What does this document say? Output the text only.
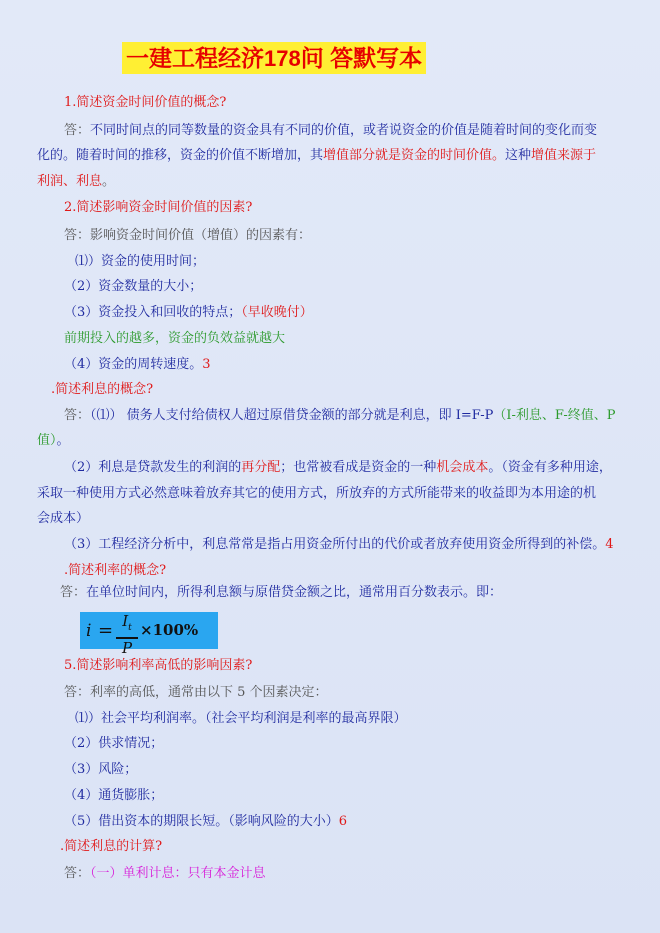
一建工程经济178问 答默写本
1.简述资金时间价值的概念?
答：不同时间点的同等数量的资金具有不同的价值，或者说资金的价值是随着时间的变化而变
化的。随着时间的推移，资金的价值不断增加，其增值部分就是资金的时间价值。这种增值来源于
利润、利息。
2.简述影响资金时间价值的因素?
答：影响资金时间价值（增值）的因素有：
⑴）资金的使用时间；
（2）资金数量的大小；
（3）资金投入和回收的特点；（早收晚付）
前期投入的越多，资金的负效益就越大
（4）资金的周转速度。3
.简述利息的概念?
答：（⑴） 债务人支付给债权人超过原借贷金额的部分就是利息，即 I=F-P（I-利息、F-终值、P
值）。
（2）利息是贷款发生的利润的再分配；也常被看成是资金的一种机会成本。（资金有多种用途，
采取一种使用方式必然意味着放弃其它的使用方式，所放弃的方式所能带来的收益即为本用途的机
会成本）
（3）工程经济分析中，利息常常是指占用资金所付出的代价或者放弃使用资金所得到的补偿。4
.简述利率的概念?
答：在单位时间内，所得利息额与原借贷金额之比，通常用百分数表示。即：
$i = I_t$
P
×100%
5.简述影响利率高低的影响因素?
答：利率的高低，通常由以下 5 个因素决定：
⑴）社会平均利润率。（社会平均利润是利率的最高界限）
（2）供求情况；
（3）风险；
（4）通货膨胀；
（5）借出资本的期限长短。（影响风险的大小）6
.简述利息的计算?
答：（一）单利计息：只有本金计息
